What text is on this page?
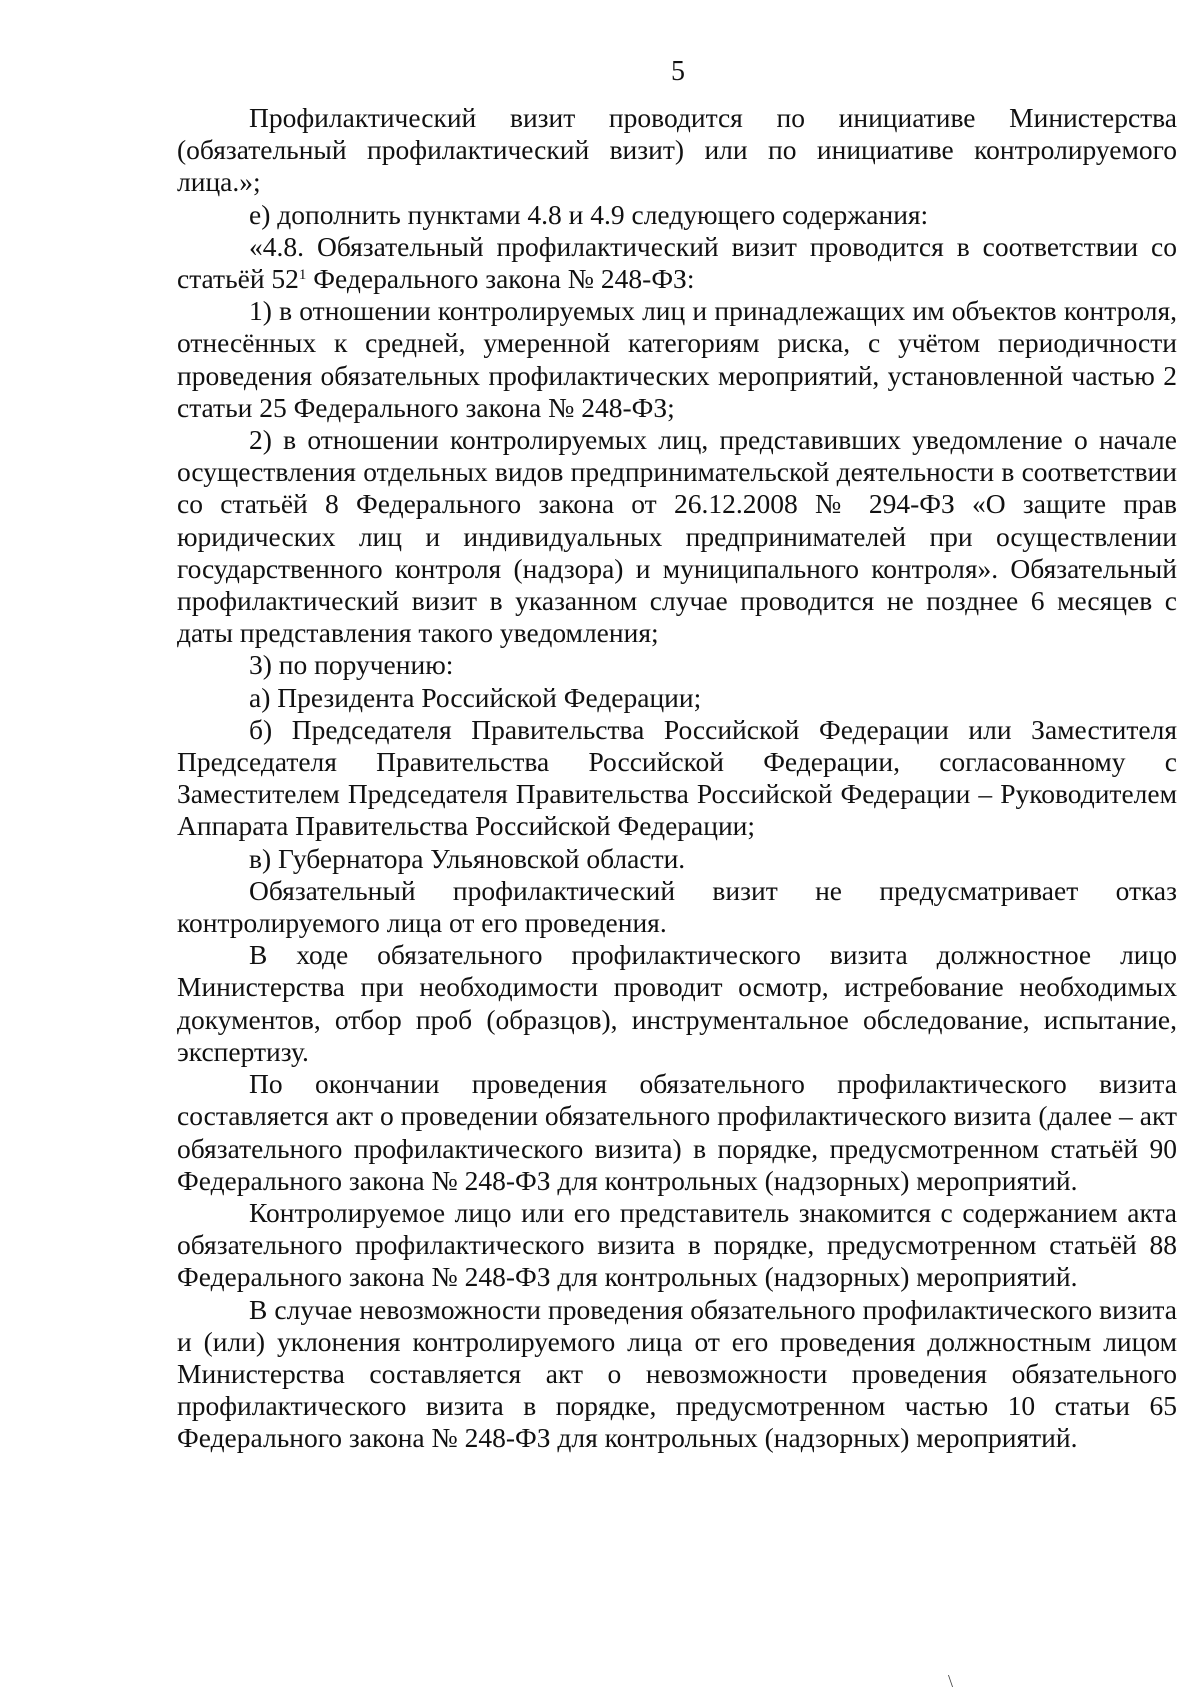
5

Профилактический визит проводится по инициативе Министерства (обязательный профилактический визит) или по инициативе контролируемого лица.»;

е) дополнить пунктами 4.8 и 4.9 следующего содержания:

«4.8. Обязательный профилактический визит проводится в соответствии со статьёй $52^1$ Федерального закона № 248-ФЗ:

1) в отношении контролируемых лиц и принадлежащих им объектов контроля, отнесённых к средней, умеренной категориям риска, с учётом периодичности проведения обязательных профилактических мероприятий, установленной частью 2 статьи 25 Федерального закона № 248-ФЗ;

2) в отношении контролируемых лиц, представивших уведомление о начале осуществления отдельных видов предпринимательской деятельности в соответствии со статьёй 8 Федерального закона от 26.12.2008 № 294-ФЗ «О защите прав юридических лиц и индивидуальных предпринимателей при осуществлении государственного контроля (надзора) и муниципального контроля». Обязательный профилактический визит в указанном случае проводится не позднее 6 месяцев с даты представления такого уведомления;

3) по поручению:

а) Президента Российской Федерации;

б) Председателя Правительства Российской Федерации или Заместителя Председателя Правительства Российской Федерации, согласованному с Заместителем Председателя Правительства Российской Федерации – Руководителем Аппарата Правительства Российской Федерации;

в) Губернатора Ульяновской области.

Обязательный профилактический визит не предусматривает отказ контролируемого лица от его проведения.

В ходе обязательного профилактического визита должностное лицо Министерства при необходимости проводит осмотр, истребование необходимых документов, отбор проб (образцов), инструментальное обследование, испытание, экспертизу.

По окончании проведения обязательного профилактического визита составляется акт о проведении обязательного профилактического визита (далее – акт обязательного профилактического визита) в порядке, предусмотренном статьёй 90 Федерального закона № 248-ФЗ для контрольных (надзорных) мероприятий.

Контролируемое лицо или его представитель знакомится с содержанием акта обязательного профилактического визита в порядке, предусмотренном статьёй 88 Федерального закона № 248-ФЗ для контрольных (надзорных) мероприятий.

В случае невозможности проведения обязательного профилактического визита и (или) уклонения контролируемого лица от его проведения должностным лицом Министерства составляется акт о невозможности проведения обязательного профилактического визита в порядке, предусмотренном частью 10 статьи 65 Федерального закона № 248-ФЗ для контрольных (надзорных) мероприятий.

\
